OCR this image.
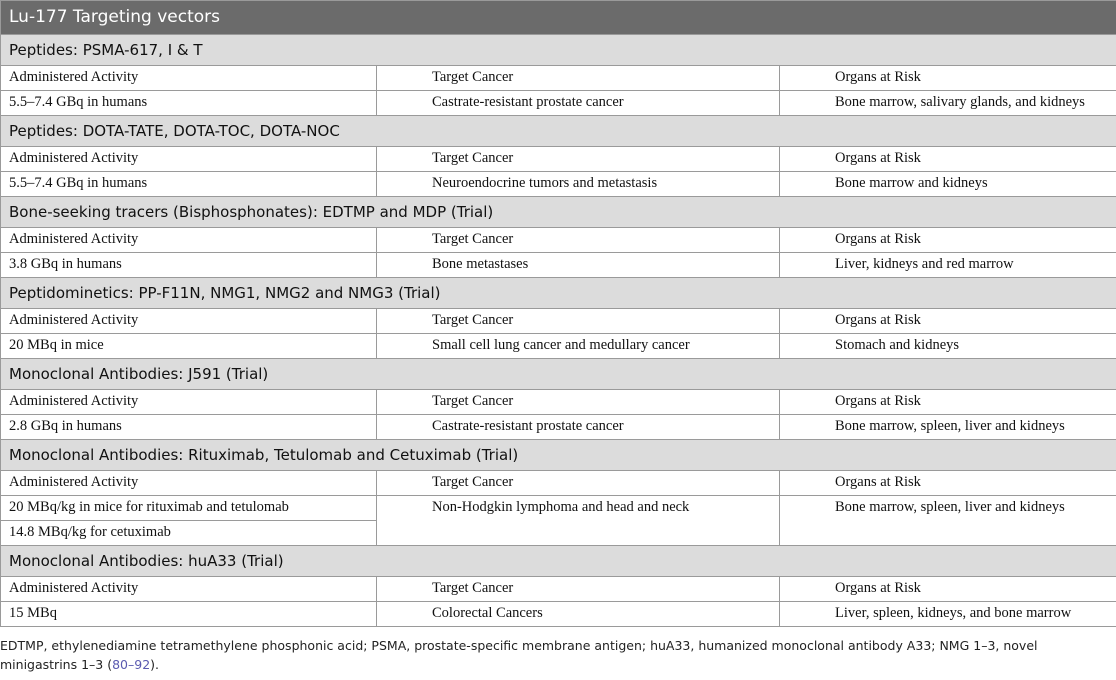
Lu-177 Targeting vectors		
Peptides: PSMA-617, I & T		
Administered Activity	Target Cancer	Organs at Risk
5.5–7.4 GBq in humans	Castrate-resistant prostate cancer	Bone marrow, salivary glands, and kidneys
Peptides: DOTA-TATE, DOTA-TOC, DOTA-NOC		
Administered Activity	Target Cancer	Organs at Risk
5.5–7.4 GBq in humans	Neuroendocrine tumors and metastasis	Bone marrow and kidneys
Bone-seeking tracers (Bisphosphonates): EDTMP and MDP (Trial)		
Administered Activity	Target Cancer	Organs at Risk
3.8 GBq in humans	Bone metastases	Liver, kidneys and red marrow
Peptidominetics: PP-F11N, NMG1, NMG2 and NMG3 (Trial)		
Administered Activity	Target Cancer	Organs at Risk
20 MBq in mice	Small cell lung cancer and medullary cancer	Stomach and kidneys
Monoclonal Antibodies: J591 (Trial)		
Administered Activity	Target Cancer	Organs at Risk
2.8 GBq in humans	Castrate-resistant prostate cancer	Bone marrow, spleen, liver and kidneys
Monoclonal Antibodies: Rituximab, Tetulomab and Cetuximab (Trial)		
Administered Activity	Target Cancer	Organs at Risk
20 MBq/kg in mice for rituximab and tetulomab	Non-Hodgkin lymphoma and head and neck	Bone marrow, spleen, liver and kidneys
14.8 MBq/kg for cetuximab		
Monoclonal Antibodies: huA33 (Trial)		
Administered Activity	Target Cancer	Organs at Risk
15 MBq	Colorectal Cancers	Liver, spleen, kidneys, and bone marrow
EDTMP, ethylenediamine tetramethylene phosphonic acid; PSMA, prostate-specific membrane antigen; huA33, humanized monoclonal antibody A33; NMG 1–3, novel minigastrins 1–3 (80–92).
